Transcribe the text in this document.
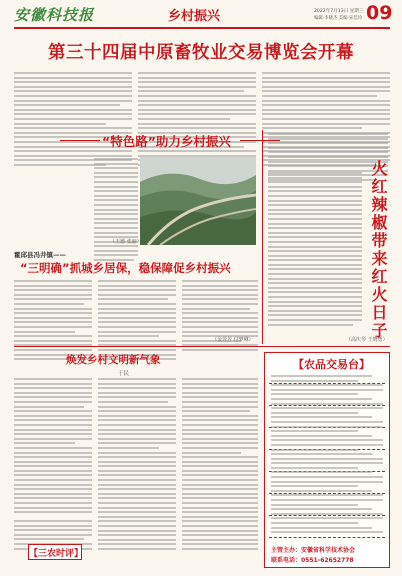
安徽科技报	乡村振兴	2022年7月13日 星期三
编辑·李晓杰 美编·宋佳玲 09
第三十四届中原畜牧业交易博览会开幕
“特色路”助力乡村振兴
（王德 张丽）
霍邱县冯井镇——
“三明确”抓城乡居保，稳保障促乡村振兴
（金芳芳 付梦琳）	火红辣椒带来红火日子
（高庆琴 王晓勇）
焕发乡村文明新气象
于民
【三农时评】
【农品交易台】
主管主办：安徽省科学技术协会
联系电话：0551-62652778
